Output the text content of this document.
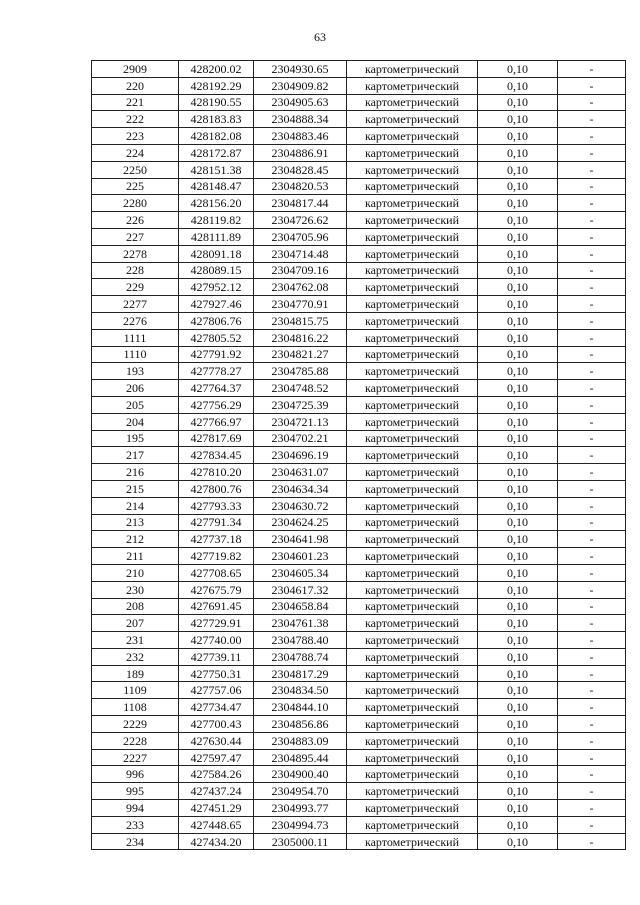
63
2909	428200.02	2304930.65	картометрический	0,10	-
220	428192.29	2304909.82	картометрический	0,10	-
221	428190.55	2304905.63	картометрический	0,10	-
222	428183.83	2304888.34	картометрический	0,10	-
223	428182.08	2304883.46	картометрический	0,10	-
224	428172.87	2304886.91	картометрический	0,10	-
2250	428151.38	2304828.45	картометрический	0,10	-
225	428148.47	2304820.53	картометрический	0,10	-
2280	428156.20	2304817.44	картометрический	0,10	-
226	428119.82	2304726.62	картометрический	0,10	-
227	428111.89	2304705.96	картометрический	0,10	-
2278	428091.18	2304714.48	картометрический	0,10	-
228	428089.15	2304709.16	картометрический	0,10	-
229	427952.12	2304762.08	картометрический	0,10	-
2277	427927.46	2304770.91	картометрический	0,10	-
2276	427806.76	2304815.75	картометрический	0,10	-
1111	427805.52	2304816.22	картометрический	0,10	-
1110	427791.92	2304821.27	картометрический	0,10	-
193	427778.27	2304785.88	картометрический	0,10	-
206	427764.37	2304748.52	картометрический	0,10	-
205	427756.29	2304725.39	картометрический	0,10	-
204	427766.97	2304721.13	картометрический	0,10	-
195	427817.69	2304702.21	картометрический	0,10	-
217	427834.45	2304696.19	картометрический	0,10	-
216	427810.20	2304631.07	картометрический	0,10	-
215	427800.76	2304634.34	картометрический	0,10	-
214	427793.33	2304630.72	картометрический	0,10	-
213	427791.34	2304624.25	картометрический	0,10	-
212	427737.18	2304641.98	картометрический	0,10	-
211	427719.82	2304601.23	картометрический	0,10	-
210	427708.65	2304605.34	картометрический	0,10	-
230	427675.79	2304617.32	картометрический	0,10	-
208	427691.45	2304658.84	картометрический	0,10	-
207	427729.91	2304761.38	картометрический	0,10	-
231	427740.00	2304788.40	картометрический	0,10	-
232	427739.11	2304788.74	картометрический	0,10	-
189	427750.31	2304817.29	картометрический	0,10	-
1109	427757.06	2304834.50	картометрический	0,10	-
1108	427734.47	2304844.10	картометрический	0,10	-
2229	427700.43	2304856.86	картометрический	0,10	-
2228	427630.44	2304883.09	картометрический	0,10	-
2227	427597.47	2304895.44	картометрический	0,10	-
996	427584.26	2304900.40	картометрический	0,10	-
995	427437.24	2304954.70	картометрический	0,10	-
994	427451.29	2304993.77	картометрический	0,10	-
233	427448.65	2304994.73	картометрический	0,10	-
234	427434.20	2305000.11	картометрический	0,10	-
